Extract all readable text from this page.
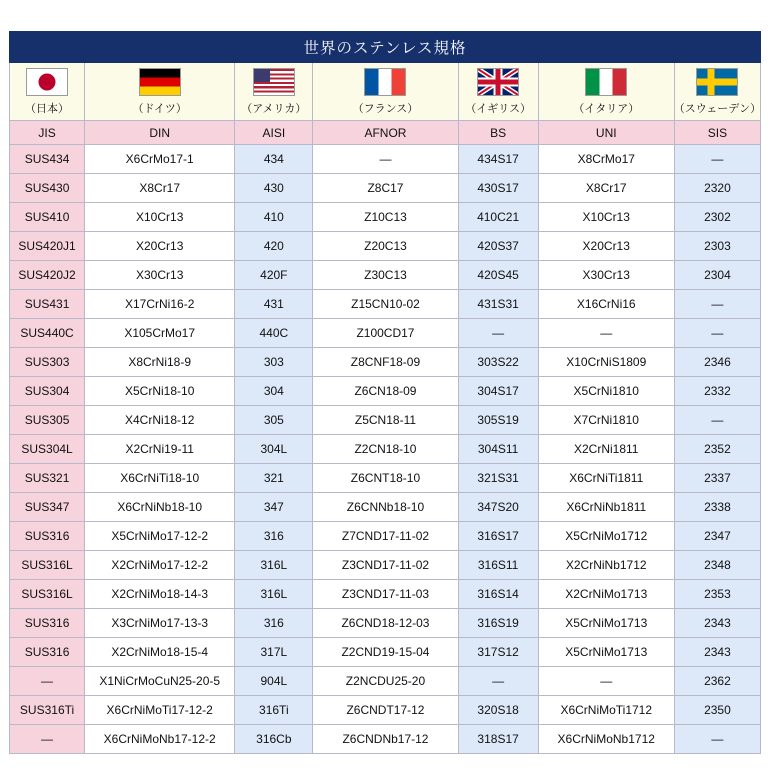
世界のステンレス規格						

（日本）	（ドイツ）	（アメリカ）	（フランス）	（イギリス）	（イタリア）	（スウェーデン）

JIS	DIN	AISI	AFNOR	BS	UNI	SIS
SUS434	X6CrMo17-1	434	—	434S17	X8CrMo17	—
SUS430	X8Cr17	430	Z8C17	430S17	X8Cr17	2320
SUS410	X10Cr13	410	Z10C13	410C21	X10Cr13	2302
SUS420J1	X20Cr13	420	Z20C13	420S37	X20Cr13	2303
SUS420J2	X30Cr13	420F	Z30C13	420S45	X30Cr13	2304
SUS431	X17CrNi16-2	431	Z15CN10-02	431S31	X16CrNi16	—
SUS440C	X105CrMo17	440C	Z100CD17	—	—	—
SUS303	X8CrNi18-9	303	Z8CNF18-09	303S22	X10CrNiS1809	2346
SUS304	X5CrNi18-10	304	Z6CN18-09	304S17	X5CrNi1810	2332
SUS305	X4CrNi18-12	305	Z5CN18-11	305S19	X7CrNi1810	—
SUS304L	X2CrNi19-11	304L	Z2CN18-10	304S11	X2CrNi1811	2352
SUS321	X6CrNiTi18-10	321	Z6CNT18-10	321S31	X6CrNiTi1811	2337
SUS347	X6CrNiNb18-10	347	Z6CNNb18-10	347S20	X6CrNiNb1811	2338
SUS316	X5CrNiMo17-12-2	316	Z7CND17-11-02	316S17	X5CrNiMo1712	2347
SUS316L	X2CrNiMo17-12-2	316L	Z3CND17-11-02	316S11	X2CrNiNb1712	2348
SUS316L	X2CrNiMo18-14-3	316L	Z3CND17-11-03	316S14	X2CrNiMo1713	2353
SUS316	X3CrNiMo17-13-3	316	Z6CND18-12-03	316S19	X5CrNiMo1713	2343
SUS316	X2CrNiMo18-15-4	317L	Z2CND19-15-04	317S12	X5CrNiMo1713	2343
—	X1NiCrMoCuN25-20-5	904L	Z2NCDU25-20	—	—	2362
SUS316Ti	X6CrNiMoTi17-12-2	316Ti	Z6CNDT17-12	320S18	X6CrNiMoTi1712	2350
—	X6CrNiMoNb17-12-2	316Cb	Z6CNDNb17-12	318S17	X6CrNiMoNb1712	—
